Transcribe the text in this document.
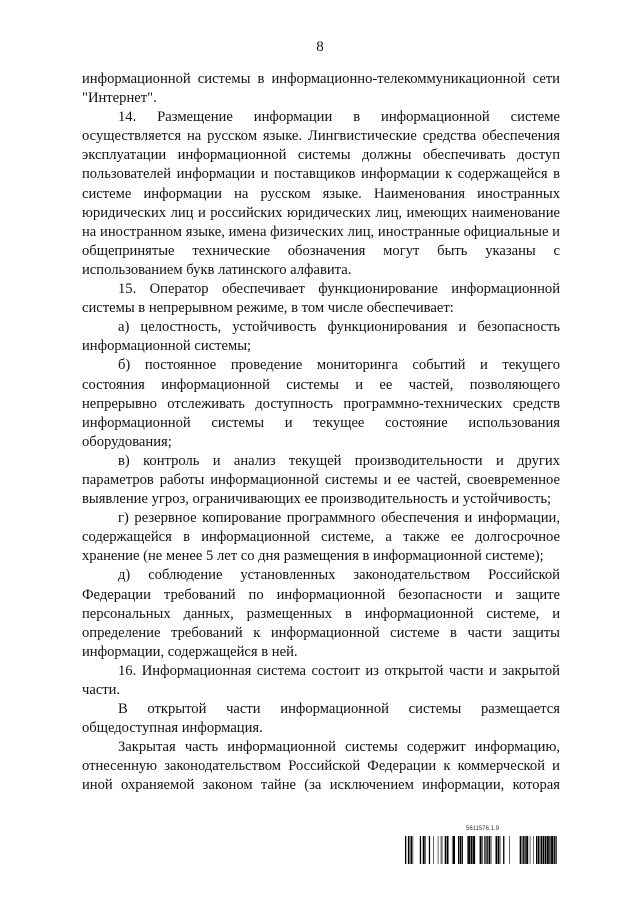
8

информационной системы в информационно-телекоммуникационной сети "Интернет".

14. Размещение информации в информационной системе осуществляется на русском языке. Лингвистические средства обеспечения эксплуатации информационной системы должны обеспечивать доступ пользователей информации и поставщиков информации к содержащейся в системе информации на русском языке. Наименования иностранных юридических лиц и российских юридических лиц, имеющих наименование на иностранном языке, имена физических лиц, иностранные официальные и общепринятые технические обозначения могут быть указаны с использованием букв латинского алфавита.

15. Оператор обеспечивает функционирование информационной системы в непрерывном режиме, в том числе обеспечивает:

а) целостность, устойчивость функционирования и безопасность информационной системы;

б) постоянное проведение мониторинга событий и текущего состояния информационной системы и ее частей, позволяющего непрерывно отслеживать доступность программно-технических средств информационной системы и текущее состояние использования оборудования;

в) контроль и анализ текущей производительности и других параметров работы информационной системы и ее частей, своевременное выявление угроз, ограничивающих ее производительность и устойчивость;

г) резервное копирование программного обеспечения и информации, содержащейся в информационной системе, а также ее долгосрочное хранение (не менее 5 лет со дня размещения в информационной системе);

д) соблюдение установленных законодательством Российской Федерации требований по информационной безопасности и защите персональных данных, размещенных в информационной системе, и определение требований к информационной системе в части защиты информации, содержащейся в ней.

16. Информационная система состоит из открытой части и закрытой части.

В открытой части информационной системы размещается общедоступная информация.

Закрытая часть информационной системы содержит информацию, отнесенную законодательством Российской Федерации к коммерческой и иной охраняемой законом тайне (за исключением информации, которая

5611576.1.9
